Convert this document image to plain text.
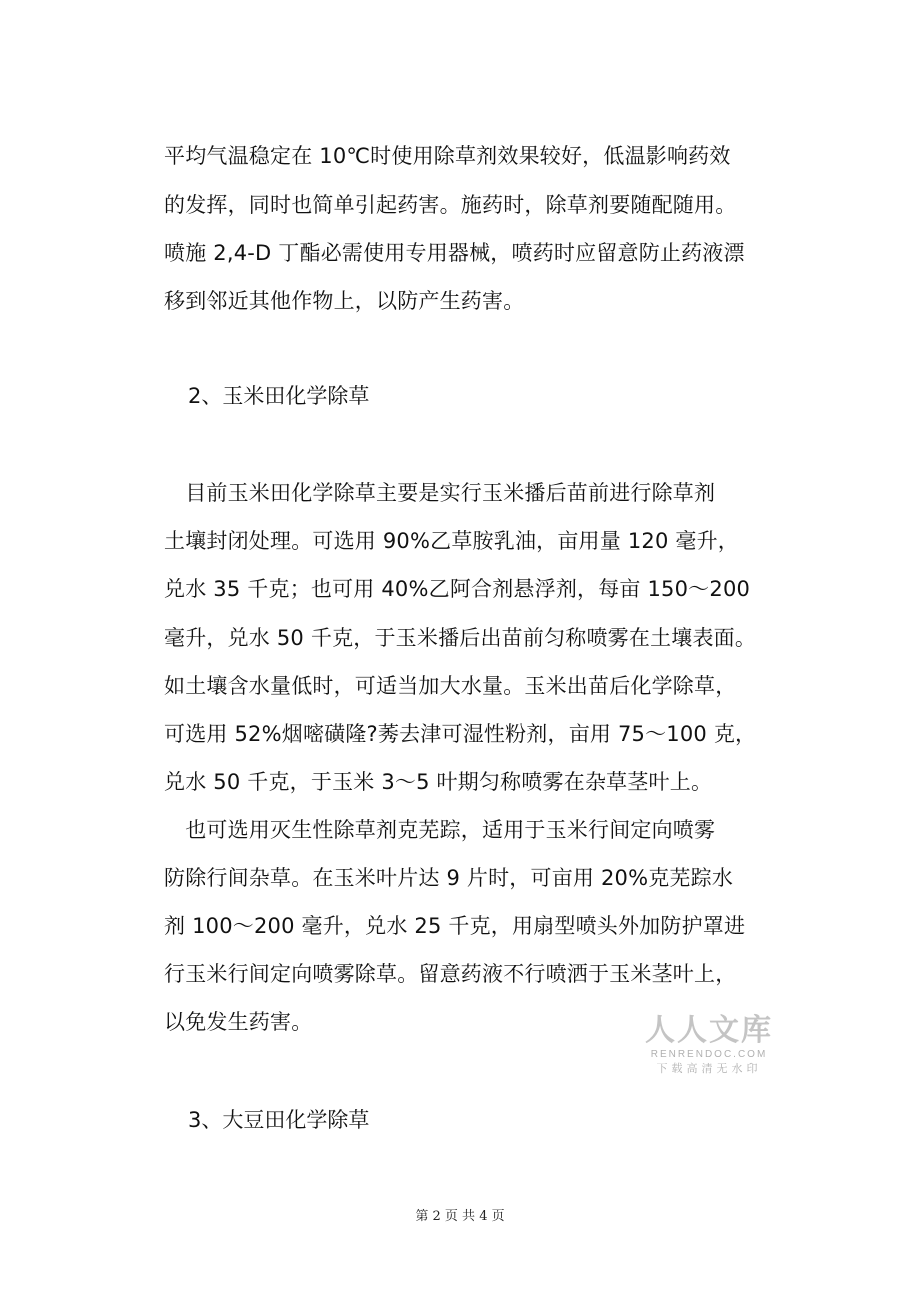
平均气温稳定在 10℃时使用除草剂效果较好，低温影响药效
的发挥，同时也简单引起药害。施药时，除草剂要随配随用。
喷施 2,4-D 丁酯必需使用专用器械，喷药时应留意防止药液漂
移到邻近其他作物上，以防产生药害。
2、玉米田化学除草
　目前玉米田化学除草主要是实行玉米播后苗前进行除草剂
土壤封闭处理。可选用 90%乙草胺乳油，亩用量 120 毫升，
兑水 35 千克；也可用 40%乙阿合剂悬浮剂，每亩 150～200
毫升，兑水 50 千克，于玉米播后出苗前匀称喷雾在土壤表面。
如土壤含水量低时，可适当加大水量。玉米出苗后化学除草，
可选用 52%烟嘧磺隆?莠去津可湿性粉剂，亩用 75～100 克，
兑水 50 千克，于玉米 3～5 叶期匀称喷雾在杂草茎叶上。
　也可选用灭生性除草剂克芜踪，适用于玉米行间定向喷雾
防除行间杂草。在玉米叶片达 9 片时，可亩用 20%克芜踪水
剂 100～200 毫升，兑水 25 千克，用扇型喷头外加防护罩进
行玉米行间定向喷雾除草。留意药液不行喷洒于玉米茎叶上，
以免发生药害。	人人文库
RENRENDOC.COM
下载高清无水印
3、大豆田化学除草
第 2 页 共 4 页
